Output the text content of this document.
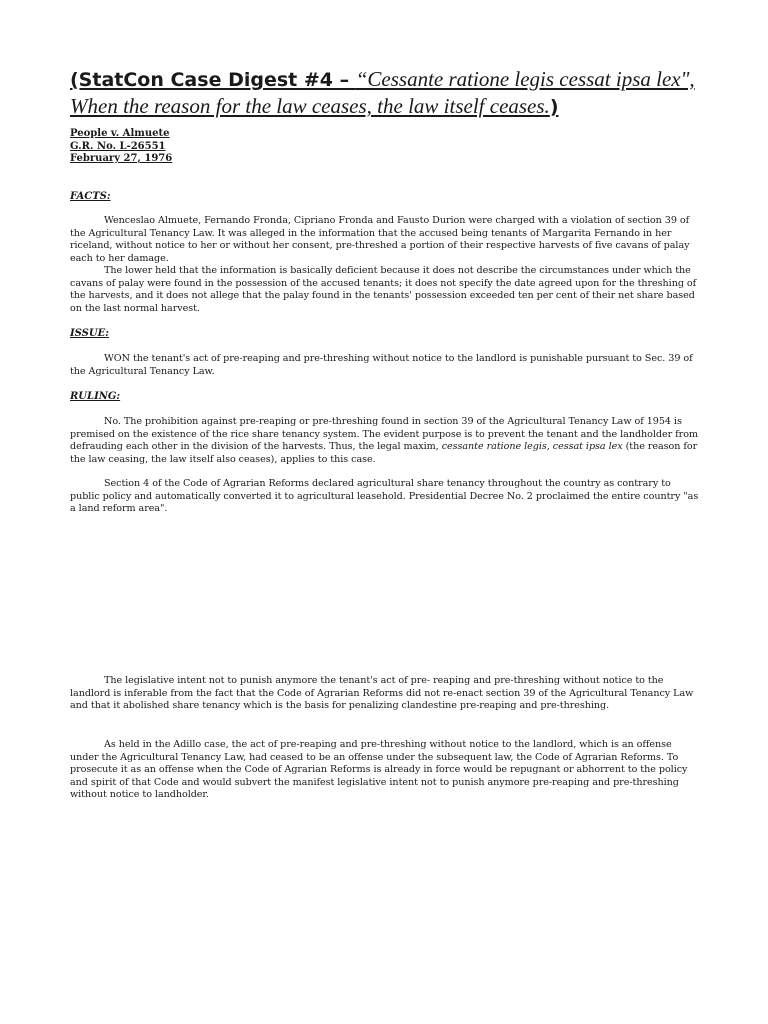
(StatCon Case Digest #4 – “Cessante ratione legis cessat ipsa lex", When the reason for the law ceases, the law itself ceases.)
People v. Almuete
G.R. No. L-26551
February 27, 1976
FACTS:

Wenceslao Almuete, Fernando Fronda, Cipriano Fronda and Fausto Durion were charged with a violation of section 39 of the Agricultural Tenancy Law. It was alleged in the information that the accused being tenants of Margarita Fernando in her riceland, without notice to her or without her consent, pre-threshed a portion of their respective harvests of five cavans of palay each to her damage.

The lower held that the information is basically deficient because it does not describe the circumstances under which the cavans of palay were found in the possession of the accused tenants; it does not specify the date agreed upon for the threshing of the harvests, and it does not allege that the palay found in the tenants' possession exceeded ten per cent of their net share based on the last normal harvest.

ISSUE:

WON the tenant's act of pre-reaping and pre-threshing without notice to the landlord is punishable pursuant to Sec. 39 of the Agricultural Tenancy Law.

RULING:

No. The prohibition against pre-reaping or pre-threshing found in section 39 of the Agricultural Tenancy Law of 1954 is premised on the existence of the rice share tenancy system. The evident purpose is to prevent the tenant and the landholder from defrauding each other in the division of the harvests. Thus, the legal maxim, cessante ratione legis, cessat ipsa lex (the reason for the law ceasing, the law itself also ceases), applies to this case.

Section 4 of the Code of Agrarian Reforms declared agricultural share tenancy throughout the country as contrary to public policy and automatically converted it to agricultural leasehold. Presidential Decree No. 2 proclaimed the entire country "as a land reform area".

The legislative intent not to punish anymore the tenant's act of pre- reaping and pre-threshing without notice to the landlord is inferable from the fact that the Code of Agrarian Reforms did not re-enact section 39 of the Agricultural Tenancy Law and that it abolished share tenancy which is the basis for penalizing clandestine pre-reaping and pre-threshing.

As held in the Adillo case, the act of pre-reaping and pre-threshing without notice to the landlord, which is an offense under the Agricultural Tenancy Law, had ceased to be an offense under the subsequent law, the Code of Agrarian Reforms. To prosecute it as an offense when the Code of Agrarian Reforms is already in force would be repugnant or abhorrent to the policy and spirit of that Code and would subvert the manifest legislative intent not to punish anymore pre-reaping and pre-threshing without notice to landholder.
